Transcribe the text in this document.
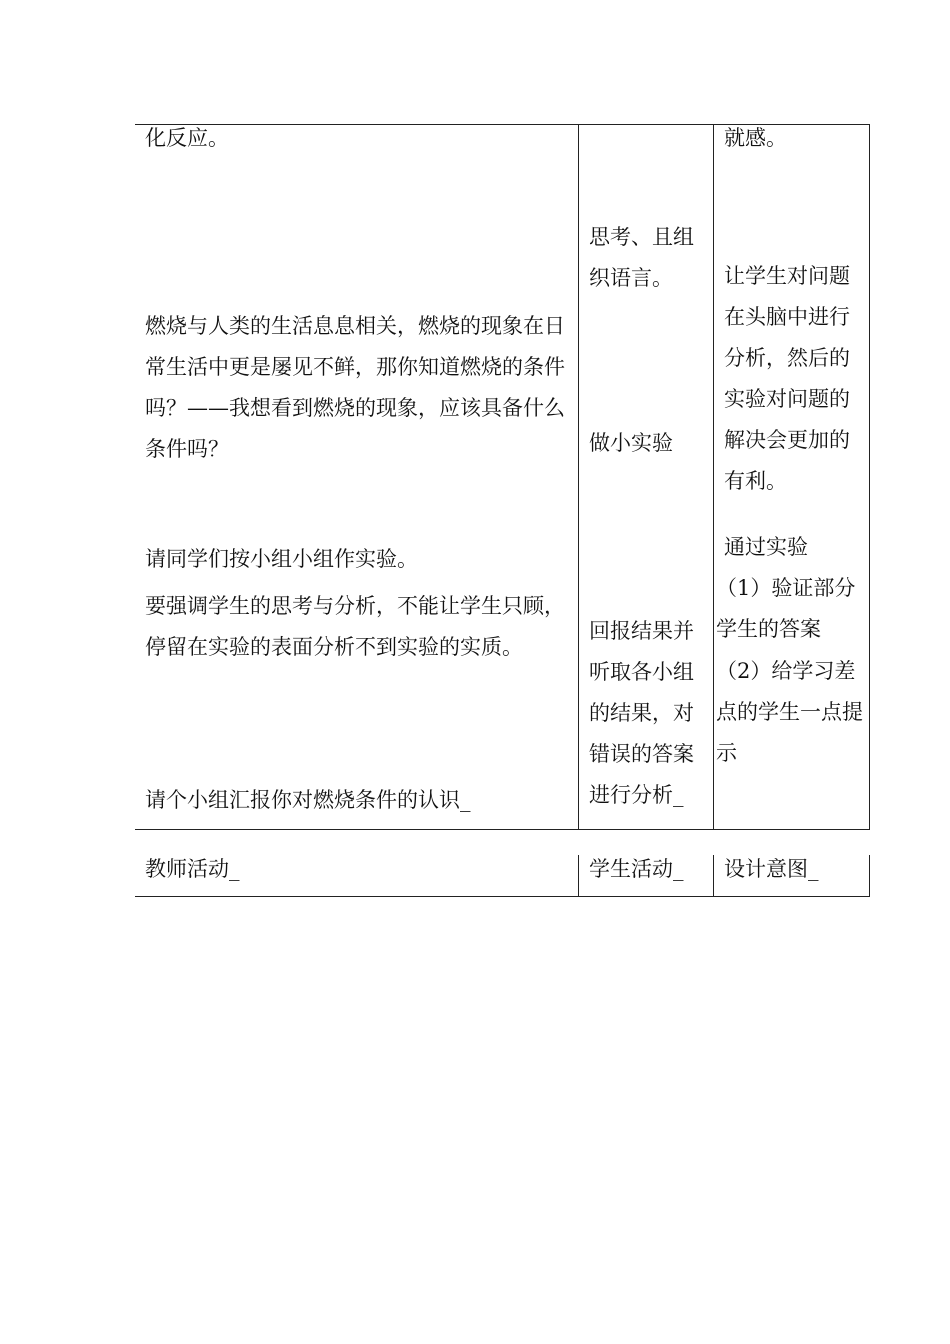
化反应。
燃烧与人类的生活息息相关，燃烧的现象在日常生活中更是屡见不鲜，那你知道燃烧的条件吗？——我想看到燃烧的现象，应该具备什么条件吗？
请同学们按小组小组作实验。
要强调学生的思考与分析，不能让学生只顾，停留在实验的表面分析不到实验的实质。
请个小组汇报你对燃烧条件的认识_
思考、且组织语言。
做小实验
回报结果并听取各小组的结果，对错误的答案进行分析_
就感。
让学生对问题在头脑中进行分析，然后的实验对问题的解决会更加的有利。
通过实验
（1）验证部分学生的答案
（2）给学习差点的学生一点提示
教师活动_	学生活动_	设计意图_
